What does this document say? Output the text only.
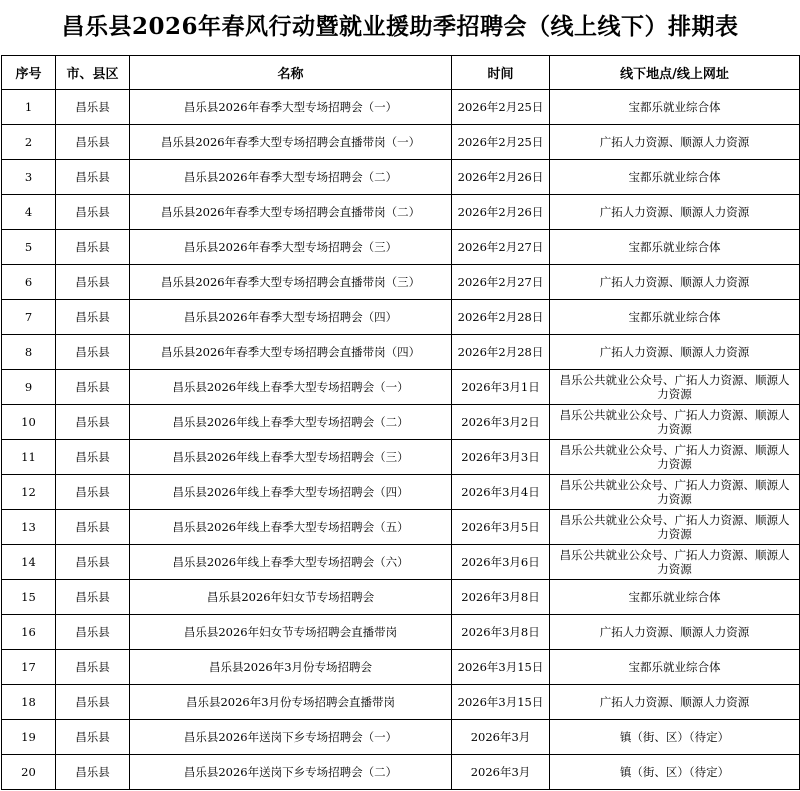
昌乐县2026年春风行动暨就业援助季招聘会（线上线下）排期表
序号	市、县区	名称	时间	线下地点/线上网址
1	昌乐县	昌乐县2026年春季大型专场招聘会（一）	2026年2月25日	宝都乐就业综合体
2	昌乐县	昌乐县2026年春季大型专场招聘会直播带岗（一）	2026年2月25日	广拓人力资源、顺源人力资源
3	昌乐县	昌乐县2026年春季大型专场招聘会（二）	2026年2月26日	宝都乐就业综合体
4	昌乐县	昌乐县2026年春季大型专场招聘会直播带岗（二）	2026年2月26日	广拓人力资源、顺源人力资源
5	昌乐县	昌乐县2026年春季大型专场招聘会（三）	2026年2月27日	宝都乐就业综合体
6	昌乐县	昌乐县2026年春季大型专场招聘会直播带岗（三）	2026年2月27日	广拓人力资源、顺源人力资源
7	昌乐县	昌乐县2026年春季大型专场招聘会（四）	2026年2月28日	宝都乐就业综合体
8	昌乐县	昌乐县2026年春季大型专场招聘会直播带岗（四）	2026年2月28日	广拓人力资源、顺源人力资源
9	昌乐县	昌乐县2026年线上春季大型专场招聘会（一）	2026年3月1日	昌乐公共就业公众号、广拓人力资源、顺源人力资源
10	昌乐县	昌乐县2026年线上春季大型专场招聘会（二）	2026年3月2日	昌乐公共就业公众号、广拓人力资源、顺源人力资源
11	昌乐县	昌乐县2026年线上春季大型专场招聘会（三）	2026年3月3日	昌乐公共就业公众号、广拓人力资源、顺源人力资源
12	昌乐县	昌乐县2026年线上春季大型专场招聘会（四）	2026年3月4日	昌乐公共就业公众号、广拓人力资源、顺源人力资源
13	昌乐县	昌乐县2026年线上春季大型专场招聘会（五）	2026年3月5日	昌乐公共就业公众号、广拓人力资源、顺源人力资源
14	昌乐县	昌乐县2026年线上春季大型专场招聘会（六）	2026年3月6日	昌乐公共就业公众号、广拓人力资源、顺源人力资源
15	昌乐县	昌乐县2026年妇女节专场招聘会	2026年3月8日	宝都乐就业综合体
16	昌乐县	昌乐县2026年妇女节专场招聘会直播带岗	2026年3月8日	广拓人力资源、顺源人力资源
17	昌乐县	昌乐县2026年3月份专场招聘会	2026年3月15日	宝都乐就业综合体
18	昌乐县	昌乐县2026年3月份专场招聘会直播带岗	2026年3月15日	广拓人力资源、顺源人力资源
19	昌乐县	昌乐县2026年送岗下乡专场招聘会（一）	2026年3月	镇（街、区）（待定）
20	昌乐县	昌乐县2026年送岗下乡专场招聘会（二）	2026年3月	镇（街、区）（待定）
